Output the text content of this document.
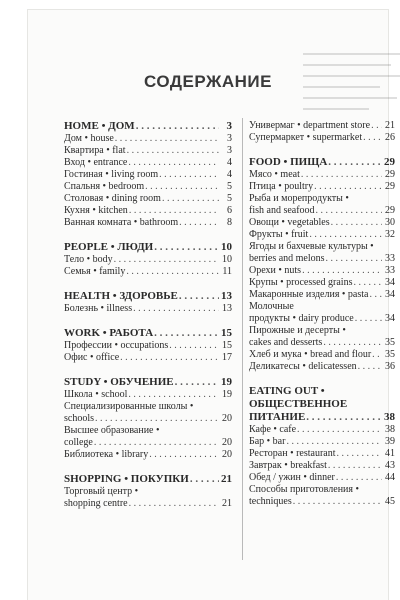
СОДЕРЖАНИЕ
HOME • ДОМ . . .	3
Дом • house . . .	3
Квартира • flat . . .	3
Вход • entrance . . .	4
Гостиная • living room . . .	4
Спальня • bedroom . . .	5
Столовая • dining room . . .	5
Кухня • kitchen . . .	6
Ванная комната • bathroom . . .	8
PEOPLE • ЛЮДИ . . .	10
Тело • body . . .	10
Семья • family . . .	11
HEALTH • ЗДОРОВЬЕ . . .	13
Болезнь • illness . . .	13
WORK • РАБОТА . . .	15
Профессии • occupations . . .	15
Офис • office . . .	17
STUDY • ОБУЧЕНИЕ . . .	19
Школа • school . . .	19
Специализированные школы •
schools . . .	20
Высшее образование •
college . . .	20
Библиотека • library . . .	20
SHOPPING • ПОКУПКИ . . .	21
Торговый центр •
shopping centre . . .	21
Универмаг • department store . . . 21
Супермаркет • supermarket . . . 26
FOOD • ПИЩА . . .	29
Мясо • meat . . .	29
Птица • poultry . . .	29
Рыба и морепродукты •
fish and seafood . . .	29
Овощи • vegetables . . .	30
Фрукты • fruit . . .	32
Ягоды и бахчевые культуры •
berries and melons . . .	33
Орехи • nuts . . .	33
Крупы • processed grains . . .	34
Макаронные изделия • pasta . . . 34
Молочные
продукты • dairy produce . . .	34
Пирожные и десерты •
cakes and desserts . . .	35
Хлеб и мука • bread and flour . . . 35
Деликатесы • delicatessen . . .	36
EATING OUT •
ОБЩЕСТВЕННОЕ
ПИТАНИЕ . . .	38
Кафе • cafe . . .	38
Бар • bar . . .	39
Ресторан • restaurant . . .	41
Завтрак • breakfast . . .	43
Обед / ужин • dinner . . .	44
Способы приготовления •
techniques . . .	45
